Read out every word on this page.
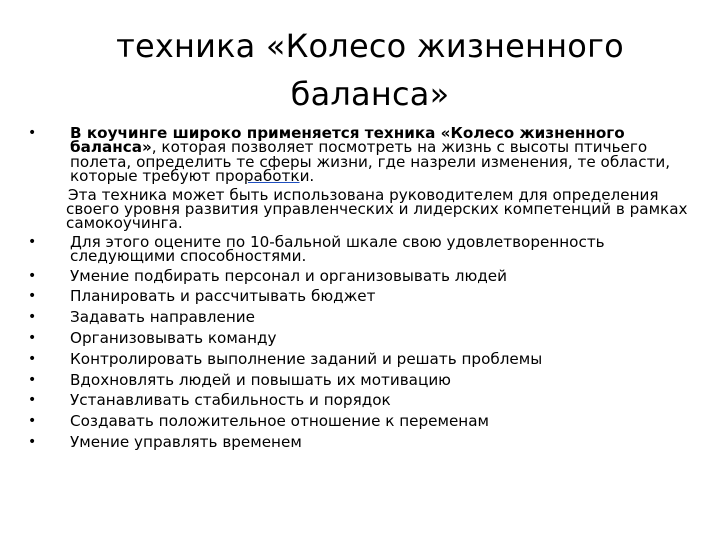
техника «Колесо жизненного
баланса»
• В коучинге широко применяется техника «Колесо жизненного баланса», которая позволяет посмотреть на жизнь с высоты птичьего полета, определить те сферы жизни, где назрели изменения, те области, которые требуют проработки.
Эта техника может быть использована руководителем для определения своего уровня развития управленческих и лидерских компетенций в рамках самокоучинга.
• Для этого оцените по 10-бальной шкале свою удовлетворенность следующими способностями.
• Умение подбирать персонал и организовывать людей
• Планировать и рассчитывать бюджет
• Задавать направление
• Организовывать команду
• Контролировать выполнение заданий и решать проблемы
• Вдохновлять людей и повышать их мотивацию
• Устанавливать стабильность и порядок
• Создавать положительное отношение к переменам
• Умение управлять временем
